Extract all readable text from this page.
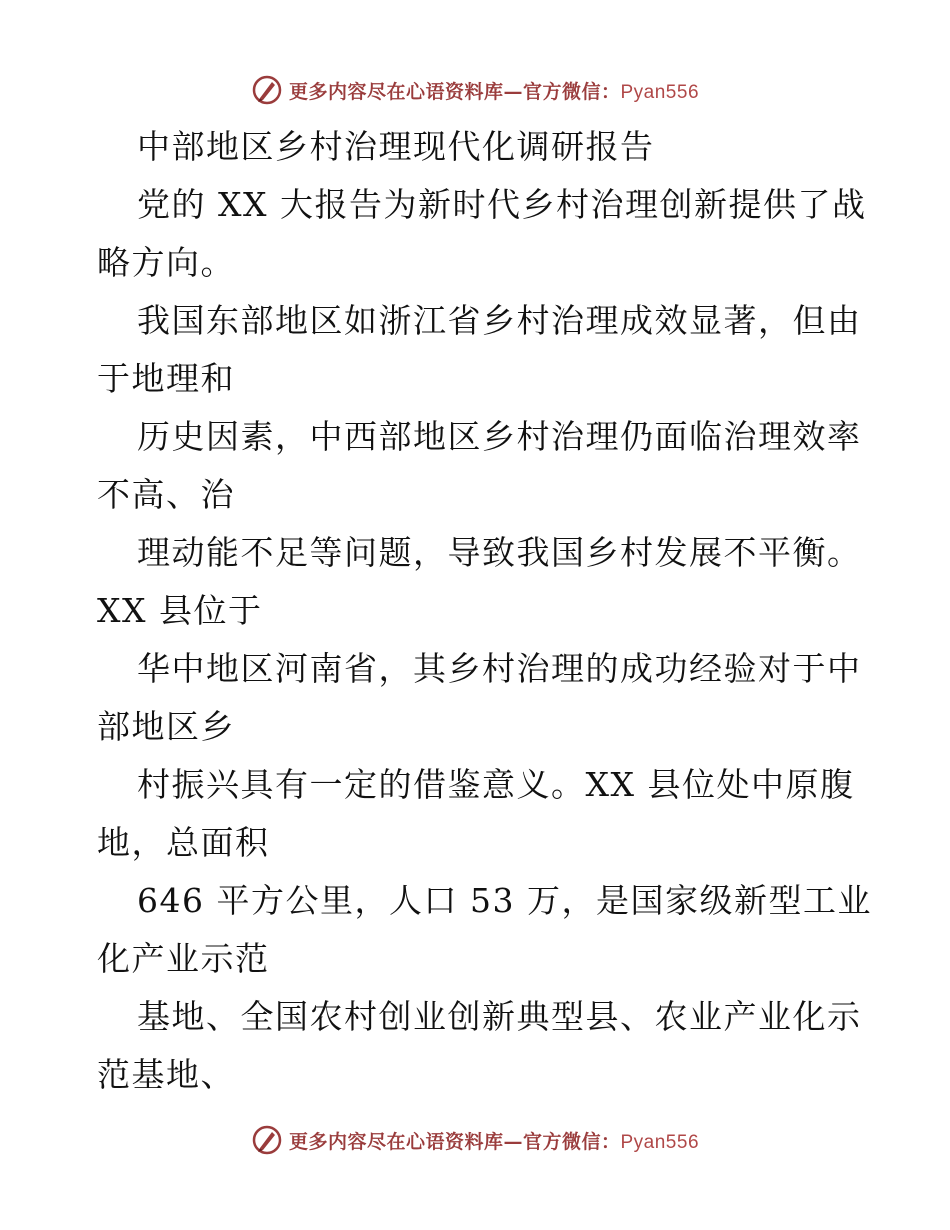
更多内容尽在心语资料库—官方微信：Pyan556
中部地区乡村治理现代化调研报告
党的 XX 大报告为新时代乡村治理创新提供了战
略方向。
我国东部地区如浙江省乡村治理成效显著，但由
于地理和
历史因素，中西部地区乡村治理仍面临治理效率
不高、治
理动能不足等问题，导致我国乡村发展不平衡。
XX 县位于
华中地区河南省，其乡村治理的成功经验对于中
部地区乡
村振兴具有一定的借鉴意义。XX 县位处中原腹
地，总面积
646 平方公里，人口 53 万，是国家级新型工业
化产业示范
基地、全国农村创业创新典型县、农业产业化示
范基地、
更多内容尽在心语资料库—官方微信：Pyan556
